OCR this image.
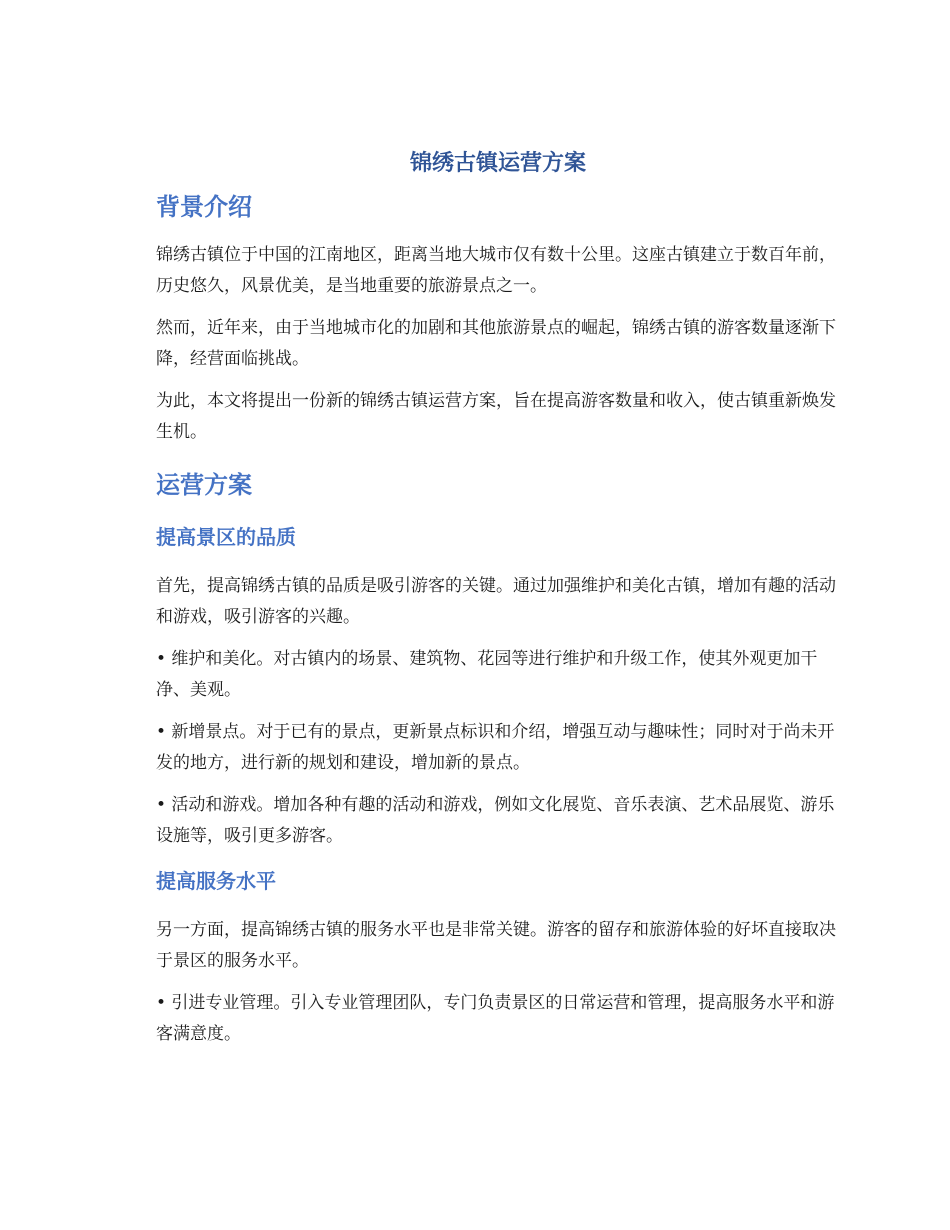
锦绣古镇运营方案
背景介绍

锦绣古镇位于中国的江南地区，距离当地大城市仅有数十公里。这座古镇建立于数百年前，历史悠久，风景优美，是当地重要的旅游景点之一。

然而，近年来，由于当地城市化的加剧和其他旅游景点的崛起，锦绣古镇的游客数量逐渐下降，经营面临挑战。

为此，本文将提出一份新的锦绣古镇运营方案，旨在提高游客数量和收入，使古镇重新焕发生机。

运营方案
提高景区的品质

首先，提高锦绣古镇的品质是吸引游客的关键。通过加强维护和美化古镇，增加有趣的活动和游戏，吸引游客的兴趣。

• 维护和美化。对古镇内的场景、建筑物、花园等进行维护和升级工作，使其外观更加干净、美观。

• 新增景点。对于已有的景点，更新景点标识和介绍，增强互动与趣味性；同时对于尚未开发的地方，进行新的规划和建设，增加新的景点。

• 活动和游戏。增加各种有趣的活动和游戏，例如文化展览、音乐表演、艺术品展览、游乐设施等，吸引更多游客。

提高服务水平

另一方面，提高锦绣古镇的服务水平也是非常关键。游客的留存和旅游体验的好坏直接取决于景区的服务水平。

• 引进专业管理。引入专业管理团队，专门负责景区的日常运营和管理，提高服务水平和游客满意度。
